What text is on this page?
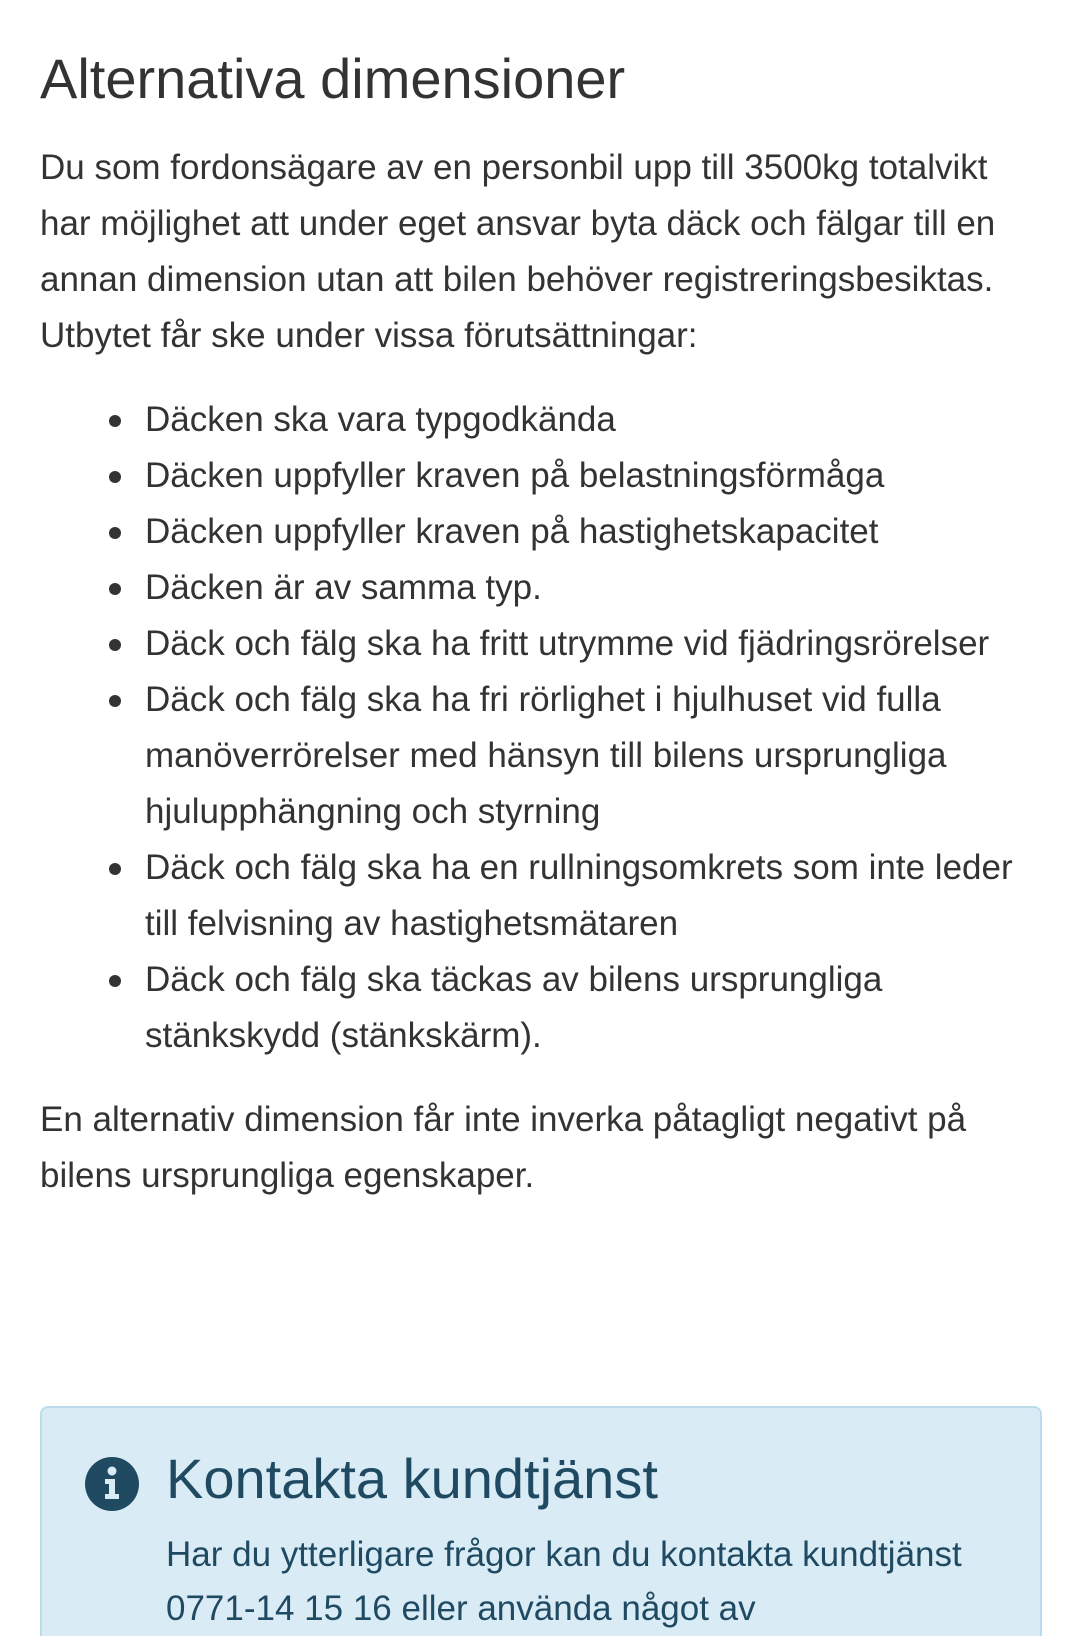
Alternativa dimensioner

Du som fordonsägare av en personbil upp till 3500kg totalvikt har möjlighet att under eget ansvar byta däck och fälgar till en annan dimension utan att bilen behöver registreringsbesiktas. Utbytet får ske under vissa förutsättningar:

Däcken ska vara typgodkända
Däcken uppfyller kraven på belastningsförmåga
Däcken uppfyller kraven på hastighetskapacitet
Däcken är av samma typ.
Däck och fälg ska ha fritt utrymme vid fjädringsrörelser
Däck och fälg ska ha fri rörlighet i hjulhuset vid fulla manöverrörelser med hänsyn till bilens ursprungliga hjulupphängning och styrning
Däck och fälg ska ha en rullningsomkrets som inte leder till felvisning av hastighetsmätaren
Däck och fälg ska täckas av bilens ursprungliga stänkskydd (stänkskärm).

En alternativ dimension får inte inverka påtagligt negativt på bilens ursprungliga egenskaper.

Kontakta kundtjänst

Har du ytterligare frågor kan du kontakta kundtjänst 0771-14 15 16 eller använda något av
